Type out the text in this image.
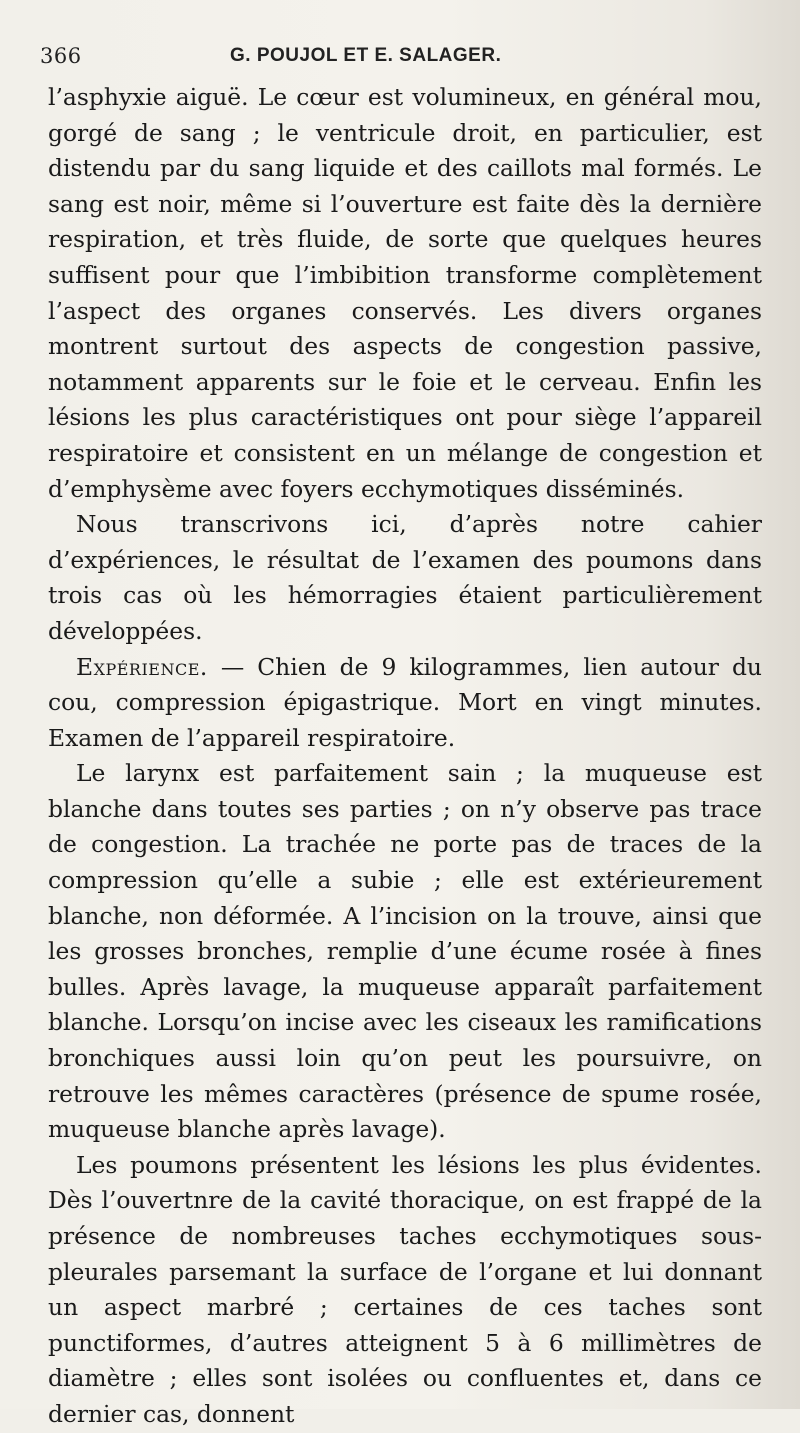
366	G. POUJOL ET E. SALAGER.

l’asphyxie aiguë. Le cœur est volumineux, en général mou, gorgé de sang ; le ventricule droit, en particulier, est distendu par du sang liquide et des caillots mal formés. Le sang est noir, même si l’ouverture est faite dès la dernière respiration, et très fluide, de sorte que quelques heures suffisent pour que l’imbibition transforme complètement l’aspect des organes conservés. Les divers organes montrent surtout des aspects de congestion passive, notamment apparents sur le foie et le cerveau. Enfin les lésions les plus caractéristiques ont pour siège l’appareil respiratoire et consistent en un mélange de congestion et d’emphysème avec foyers ecchymotiques disséminés.

Nous transcrivons ici, d’après notre cahier d’expériences, le résultat de l’examen des poumons dans trois cas où les hémorragies étaient particulièrement développées.

Expérience. — Chien de 9 kilogrammes, lien autour du cou, compression épigastrique. Mort en vingt minutes. Examen de l’appareil respiratoire.

Le larynx est parfaitement sain ; la muqueuse est blanche dans toutes ses parties ; on n’y observe pas trace de congestion. La trachée ne porte pas de traces de la compression qu’elle a subie ; elle est extérieurement blanche, non déformée. A l’incision on la trouve, ainsi que les grosses bronches, remplie d’une écume rosée à fines bulles. Après lavage, la muqueuse apparaît parfaitement blanche. Lorsqu’on incise avec les ciseaux les ramifications bronchiques aussi loin qu’on peut les poursuivre, on retrouve les mêmes caractères (présence de spume rosée, muqueuse blanche après lavage).

Les poumons présentent les lésions les plus évidentes. Dès l’ouvertnre de la cavité thoracique, on est frappé de la présence de nombreuses taches ecchymotiques sous-pleurales parsemant la surface de l’organe et lui donnant un aspect marbré ; certaines de ces taches sont punctiformes, d’autres atteignent 5 à 6 millimètres de diamètre ; elles sont isolées ou confluentes et, dans ce dernier cas, donnent
